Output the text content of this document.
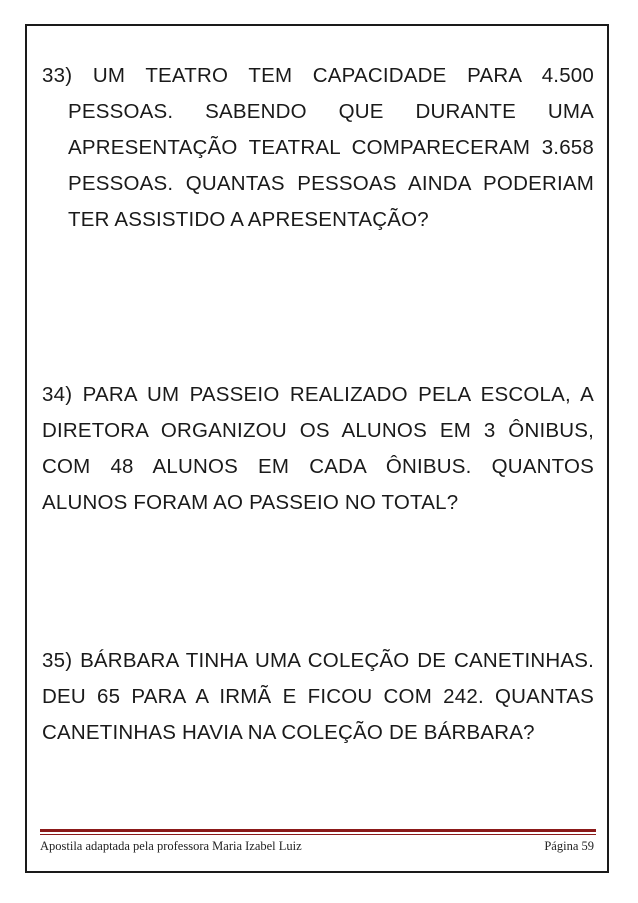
33) UM TEATRO TEM CAPACIDADE PARA 4.500 PESSOAS. SABENDO QUE DURANTE UMA APRESENTAÇÃO TEATRAL COMPARECERAM 3.658 PESSOAS. QUANTAS PESSOAS AINDA PODERIAM TER ASSISTIDO A APRESENTAÇÃO?
34) PARA UM PASSEIO REALIZADO PELA ESCOLA, A DIRETORA ORGANIZOU OS ALUNOS EM 3 ÔNIBUS, COM 48 ALUNOS EM CADA ÔNIBUS. QUANTOS ALUNOS FORAM AO PASSEIO NO TOTAL?
35) BÁRBARA TINHA UMA COLEÇÃO DE CANETINHAS. DEU 65 PARA A IRMÃ E FICOU COM 242. QUANTAS CANETINHAS HAVIA NA COLEÇÃO DE BÁRBARA?
Apostila adaptada pela professora Maria Izabel Luiz	Página 59
